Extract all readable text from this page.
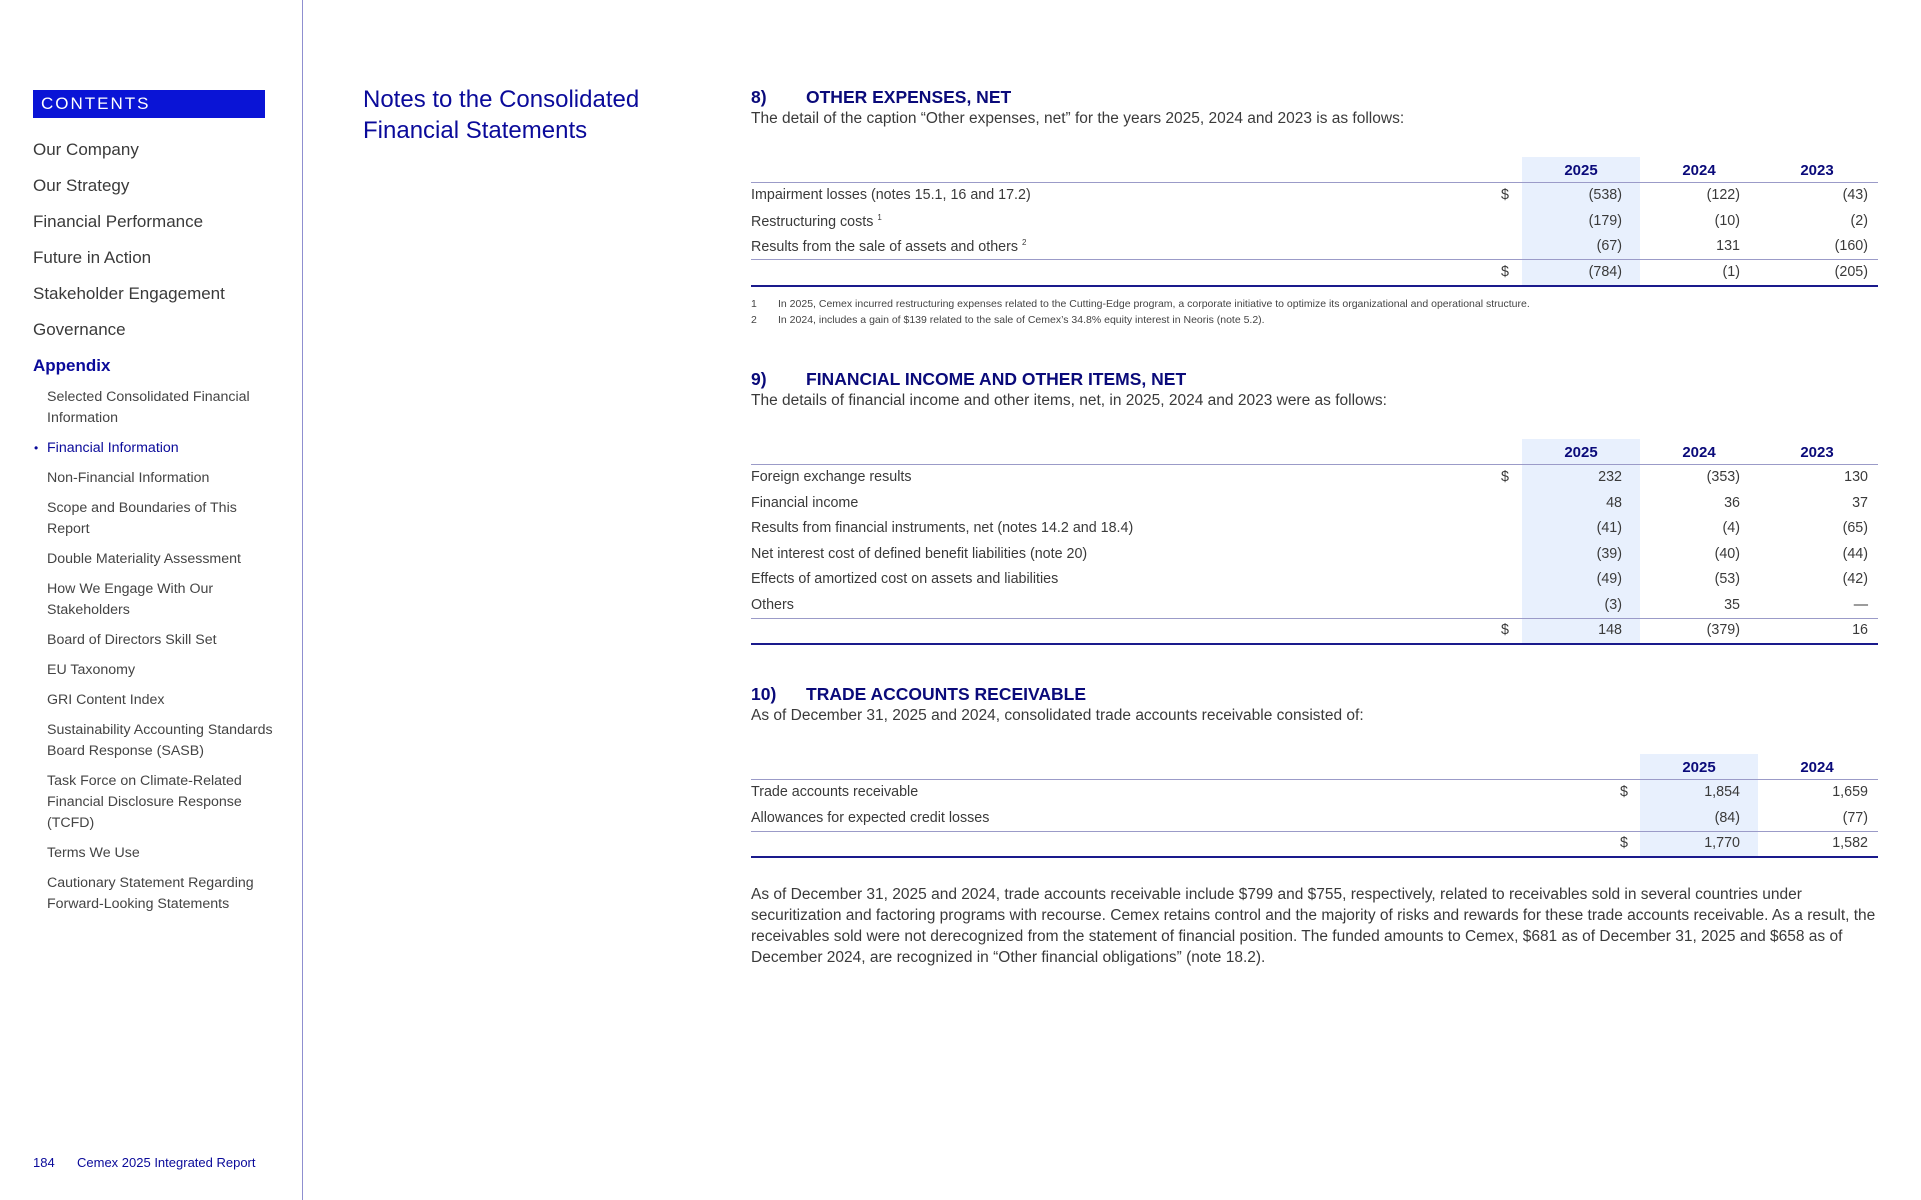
CONTENTS
Our Company
Our Strategy
Financial Performance
Future in Action
Stakeholder Engagement
Governance
Appendix
Selected Consolidated Financial Information
• Financial Information
Non-Financial Information
Scope and Boundaries of This Report
Double Materiality Assessment
How We Engage With Our Stakeholders
Board of Directors Skill Set
EU Taxonomy
GRI Content Index
Sustainability Accounting Standards Board Response (SASB)
Task Force on Climate-Related Financial Disclosure Response (TCFD)
Terms We Use
Cautionary Statement Regarding Forward-Looking Statements
184 Cemex 2025 Integrated Report
Notes to the Consolidated Financial Statements
8) OTHER EXPENSES, NET
The detail of the caption “Other expenses, net” for the years 2025, 2024 and 2023 is as follows:
2025	2024	2023
Impairment losses (notes 15.1, 16 and 17.2)	$	(538)	(122)	(43)
Restructuring costs $^1$	(179)	(10)	(2)
Results from the sale of assets and others $^2$	(67)	131	(160)
$	(784)	(1)	(205)
1 In 2025, Cemex incurred restructuring expenses related to the Cutting-Edge program, a corporate initiative to optimize its organizational and operational structure.
2 In 2024, includes a gain of $139 related to the sale of Cemex’s 34.8% equity interest in Neoris (note 5.2).
9) FINANCIAL INCOME AND OTHER ITEMS, NET
The details of financial income and other items, net, in 2025, 2024 and 2023 were as follows:
2025	2024	2023
Foreign exchange results	$	232	(353)	130
Financial income	48	36	37
Results from financial instruments, net (notes 14.2 and 18.4)	(41)	(4)	(65)
Net interest cost of defined benefit liabilities (note 20)	(39)	(40)	(44)
Effects of amortized cost on assets and liabilities	(49)	(53)	(42)
Others	(3)	35	—
$	148	(379)	16
10) TRADE ACCOUNTS RECEIVABLE
As of December 31, 2025 and 2024, consolidated trade accounts receivable consisted of:
2025	2024
Trade accounts receivable	$	1,854	1,659
Allowances for expected credit losses	(84)	(77)
$	1,770	1,582
As of December 31, 2025 and 2024, trade accounts receivable include $799 and $755, respectively, related to receivables sold in several countries under securitization and factoring programs with recourse. Cemex retains control and the majority of risks and rewards for these trade accounts receivable. As a result, the receivables sold were not derecognized from the statement of financial position. The funded amounts to Cemex, $681 as of December 31, 2025 and $658 as of December 2024, are recognized in “Other financial obligations” (note 18.2).
